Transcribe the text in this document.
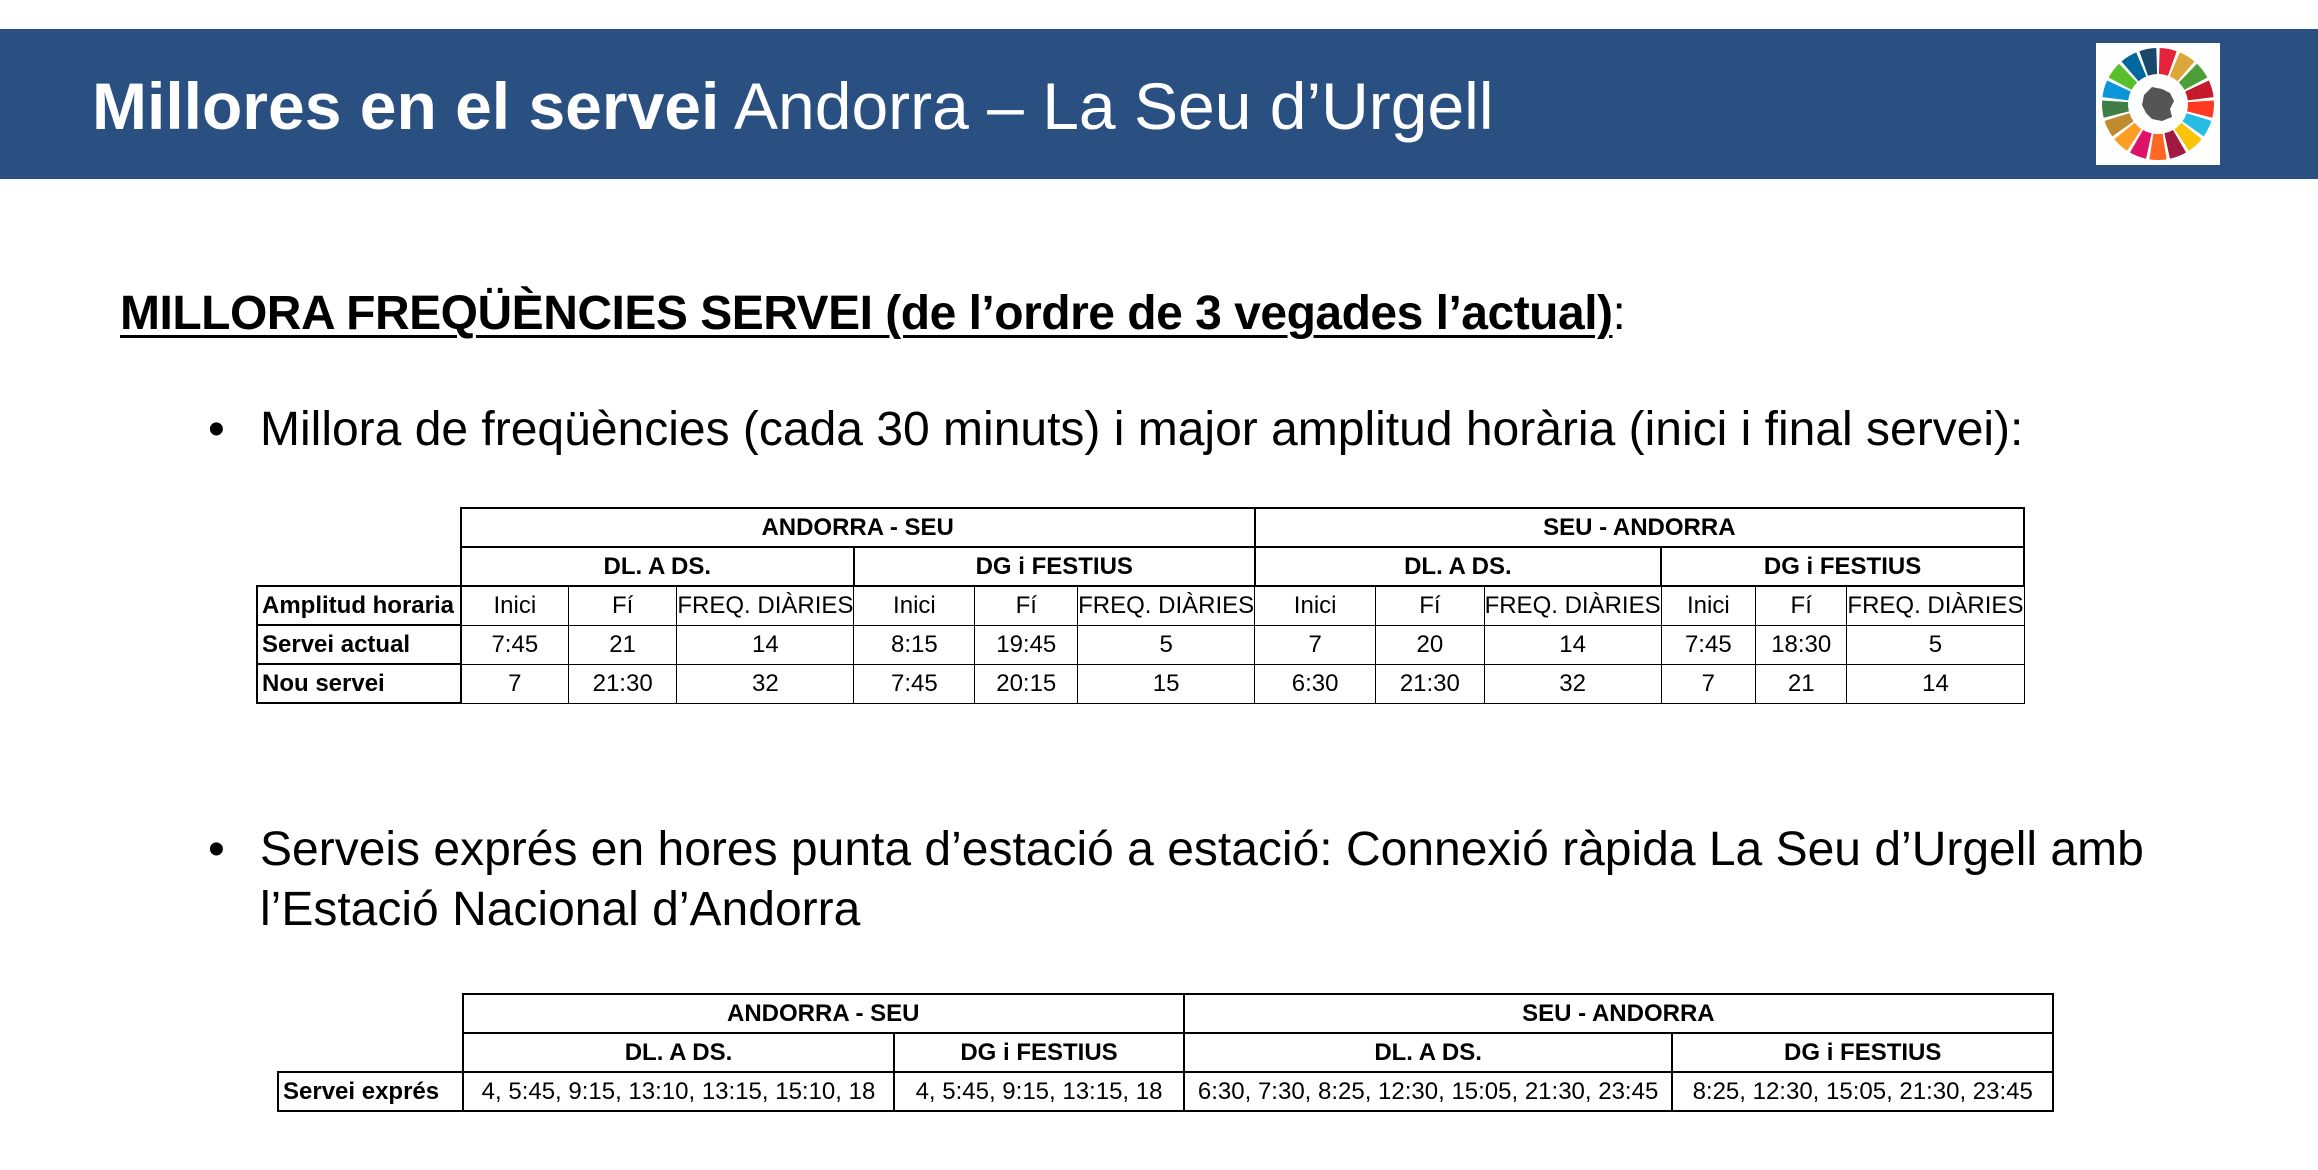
Millores en el servei Andorra – La Seu d’Urgell
MILLORA FREQÜÈNCIES SERVEI (de l’ordre de 3 vegades l’actual):
• Millora de freqüències (cada 30 minuts) i major amplitud horària (inici i final servei):
	ANDORRA - SEU						SEU - ANDORRA					
	DL. A DS.			DG i FESTIUS			DL. A DS.			DG i FESTIUS		
Amplitud horaria	Inici	Fí	FREQ. DIÀRIES	Inici	Fí	FREQ. DIÀRIES	Inici	Fí	FREQ. DIÀRIES	Inici	Fí	FREQ. DIÀRIES
Servei actual	7:45	21	14	8:15	19:45	5	7	20	14	7:45	18:30	5
Nou servei	7	21:30	32	7:45	20:15	15	6:30	21:30	32	7	21	14
• Serveis exprés en hores punta d’estació a estació: Connexió ràpida La Seu d’Urgell amb l’Estació Nacional d’Andorra
	ANDORRA - SEU		SEU - ANDORRA	
	DL. A DS.	DG i FESTIUS	DL. A DS.	DG i FESTIUS
Servei exprés	4, 5:45, 9:15, 13:10, 13:15, 15:10, 18	4, 5:45, 9:15, 13:15, 18	6:30, 7:30, 8:25, 12:30, 15:05, 21:30, 23:45	8:25, 12:30, 15:05, 21:30, 23:45
